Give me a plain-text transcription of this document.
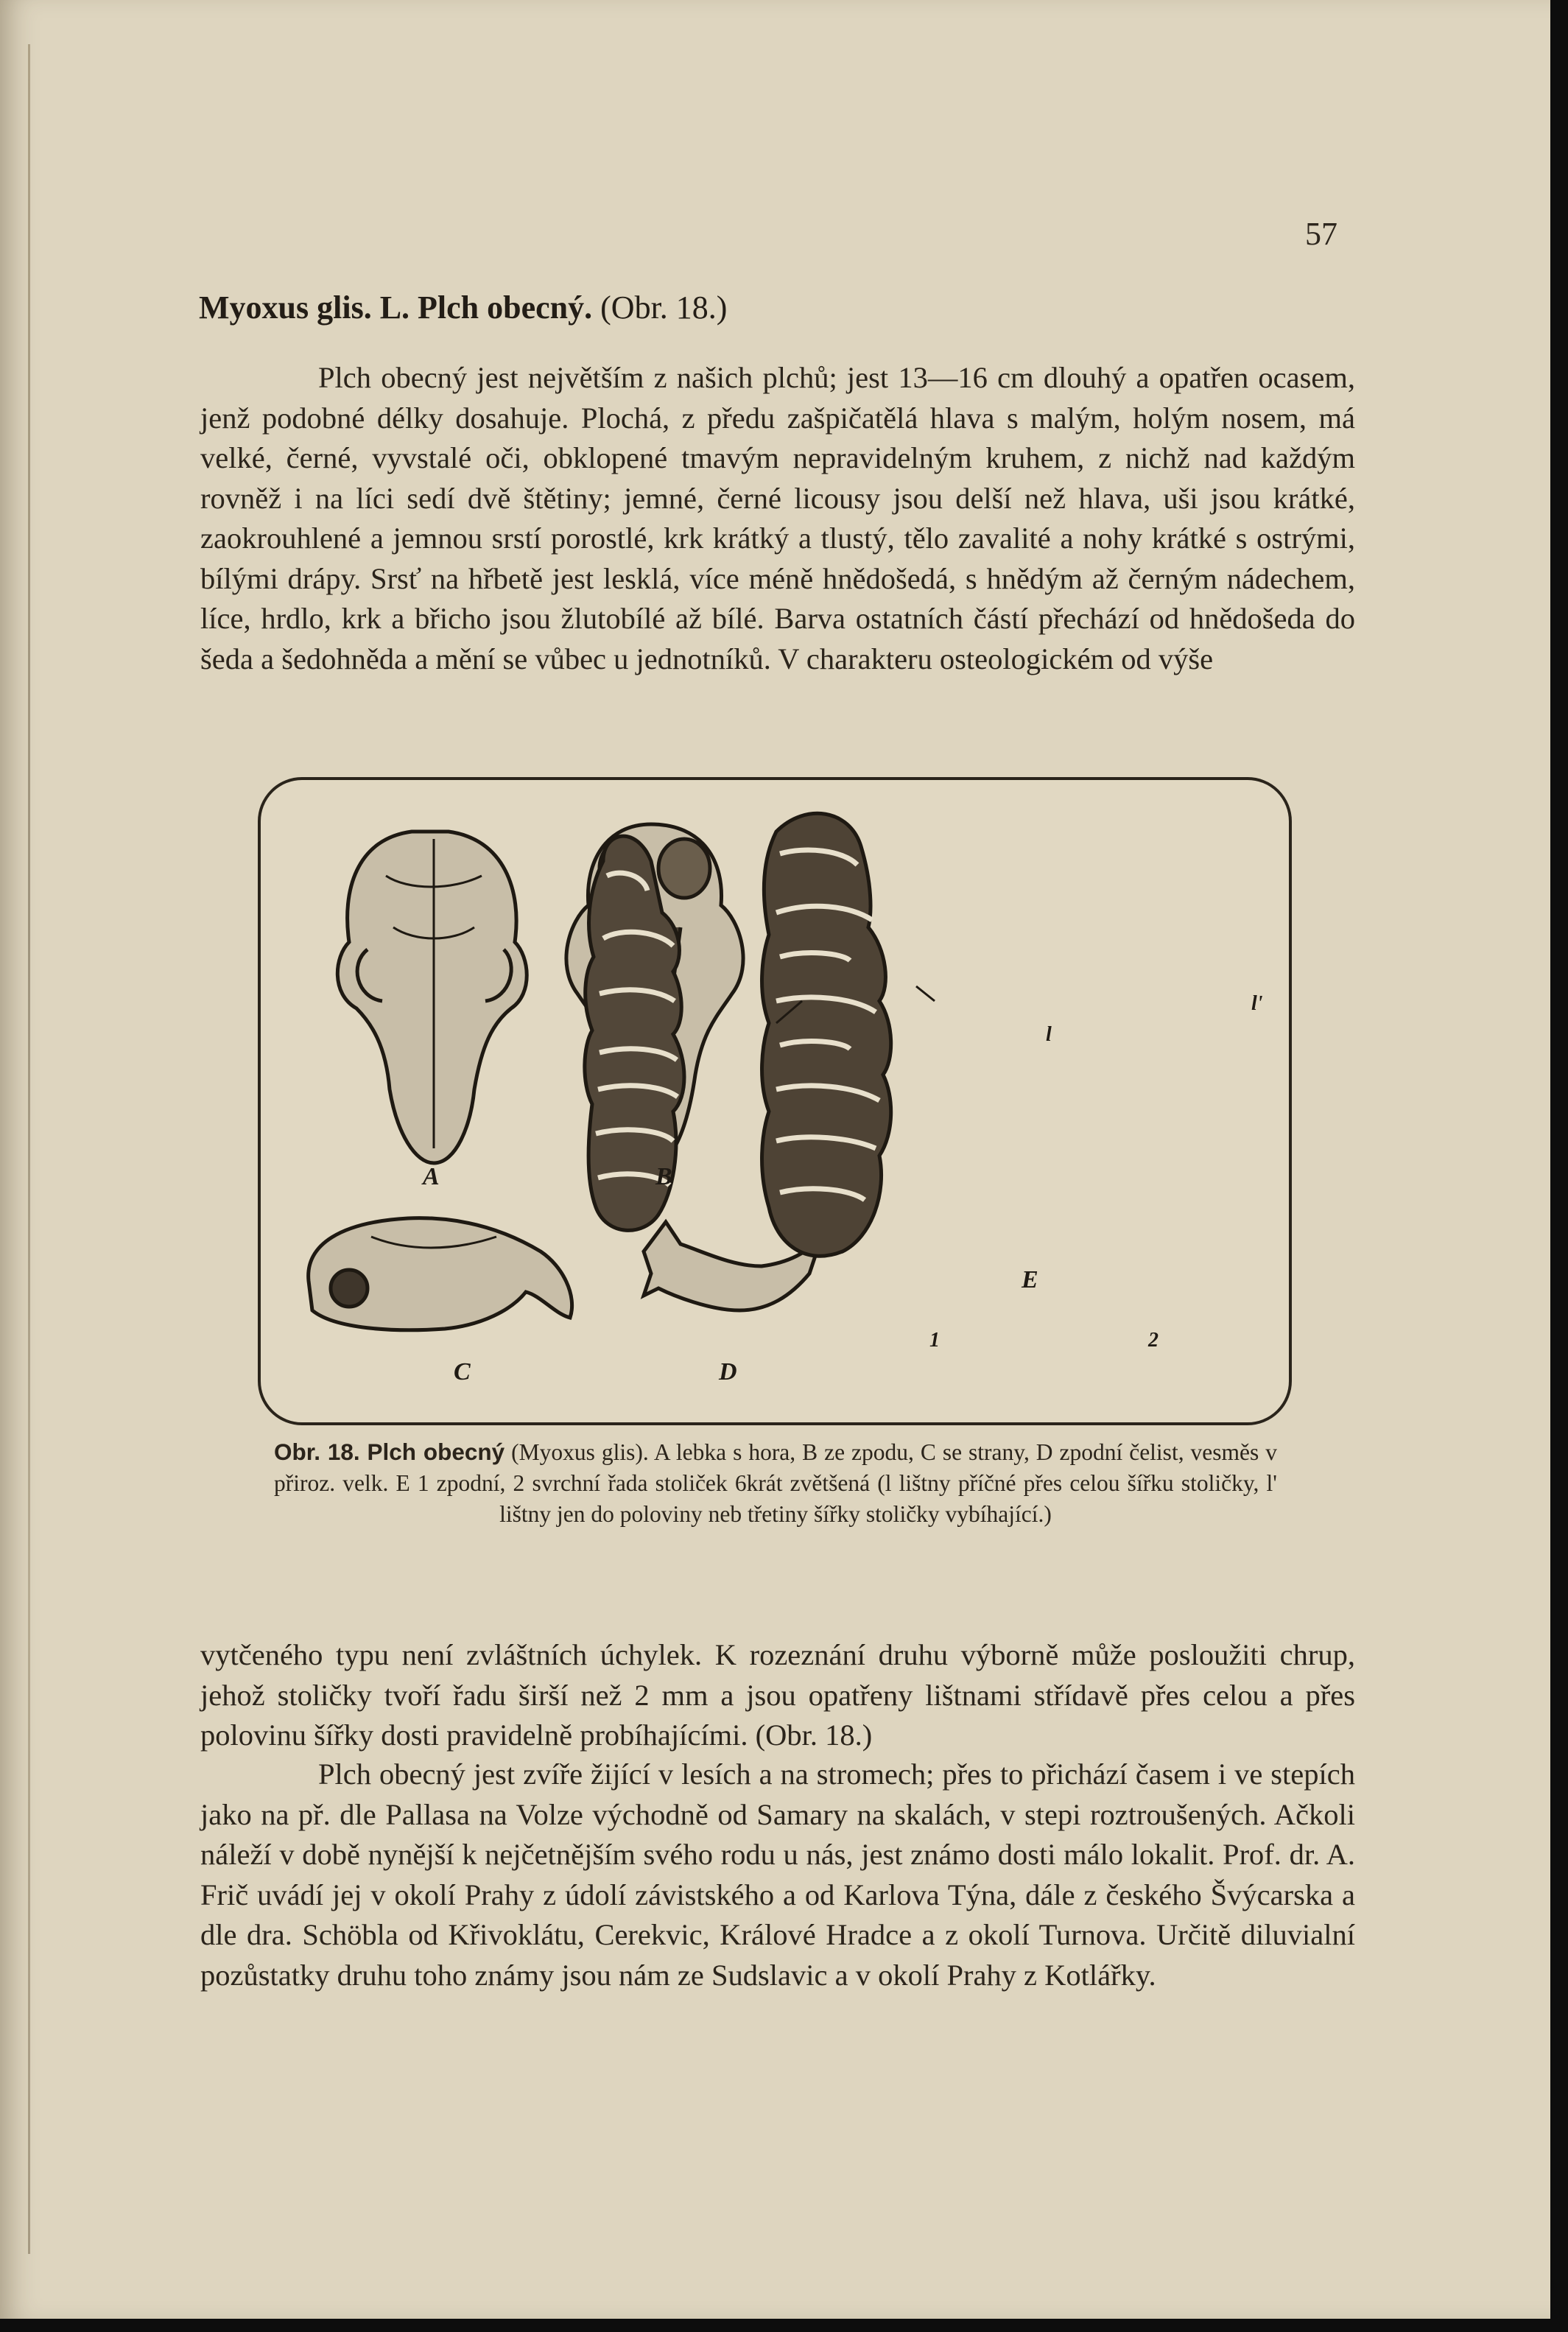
57
Myoxus glis. L. Plch obecný. (Obr. 18.)
Plch obecný jest největším z našich plchů; jest 13—16 cm dlouhý a opatřen ocasem, jenž podobné délky dosahuje. Plochá, z předu zašpičatělá hlava s malým, holým nosem, má velké, černé, vyvstalé oči, obklopené tmavým nepravidelným kruhem, z nichž nad každým rovněž i na líci sedí dvě štětiny; jemné, černé licousy jsou delší než hlava, uši jsou krátké, zaokrouhlené a jemnou srstí porostlé, krk krátký a tlustý, tělo zavalité a nohy krátké s ostrými, bílými drápy. Srsť na hřbetě jest lesklá, více méně hnědošedá, s hnědým až černým nádechem, líce, hrdlo, krk a břicho jsou žlutobílé až bílé. Barva ostatních částí přechází od hnědošeda do šeda a šedohněda a mění se vůbec u jednotníků. V charakteru osteologickém od výše
A	B
C	D
E
1	2
l
l'
Obr. 18. Plch obecný (Myoxus glis). A lebka s hora, B ze zpodu, C se strany, D zpodní čelist, vesměs v přiroz. velk. E 1 zpodní, 2 svrchní řada stoliček 6krát zvětšená (l lištny příčné přes celou šířku stoličky, l' lištny jen do poloviny neb třetiny šířky stoličky vybíhající.)
vytčeného typu není zvláštních úchylek. K rozeznání druhu výborně může posloužiti chrup, jehož stoličky tvoří řadu širší než 2 mm a jsou opatřeny lištnami střídavě přes celou a přes polovinu šířky dosti pravidelně probíhajícími. (Obr. 18.)
Plch obecný jest zvíře žijící v lesích a na stromech; přes to přichází časem i ve stepích jako na př. dle Pallasa na Volze východně od Samary na skalách, v stepi roztroušených. Ačkoli náleží v době nynější k nejčetnějším svého rodu u nás, jest známo dosti málo lokalit. Prof. dr. A. Frič uvádí jej v okolí Prahy z údolí závistského a od Karlova Týna, dále z českého Švýcarska a dle dra. Schöbla od Křivoklátu, Cerekvic, Králové Hradce a z okolí Turnova. Určitě diluvialní pozůstatky druhu toho známy jsou nám ze Sudslavic a v okolí Prahy z Kotlářky.
